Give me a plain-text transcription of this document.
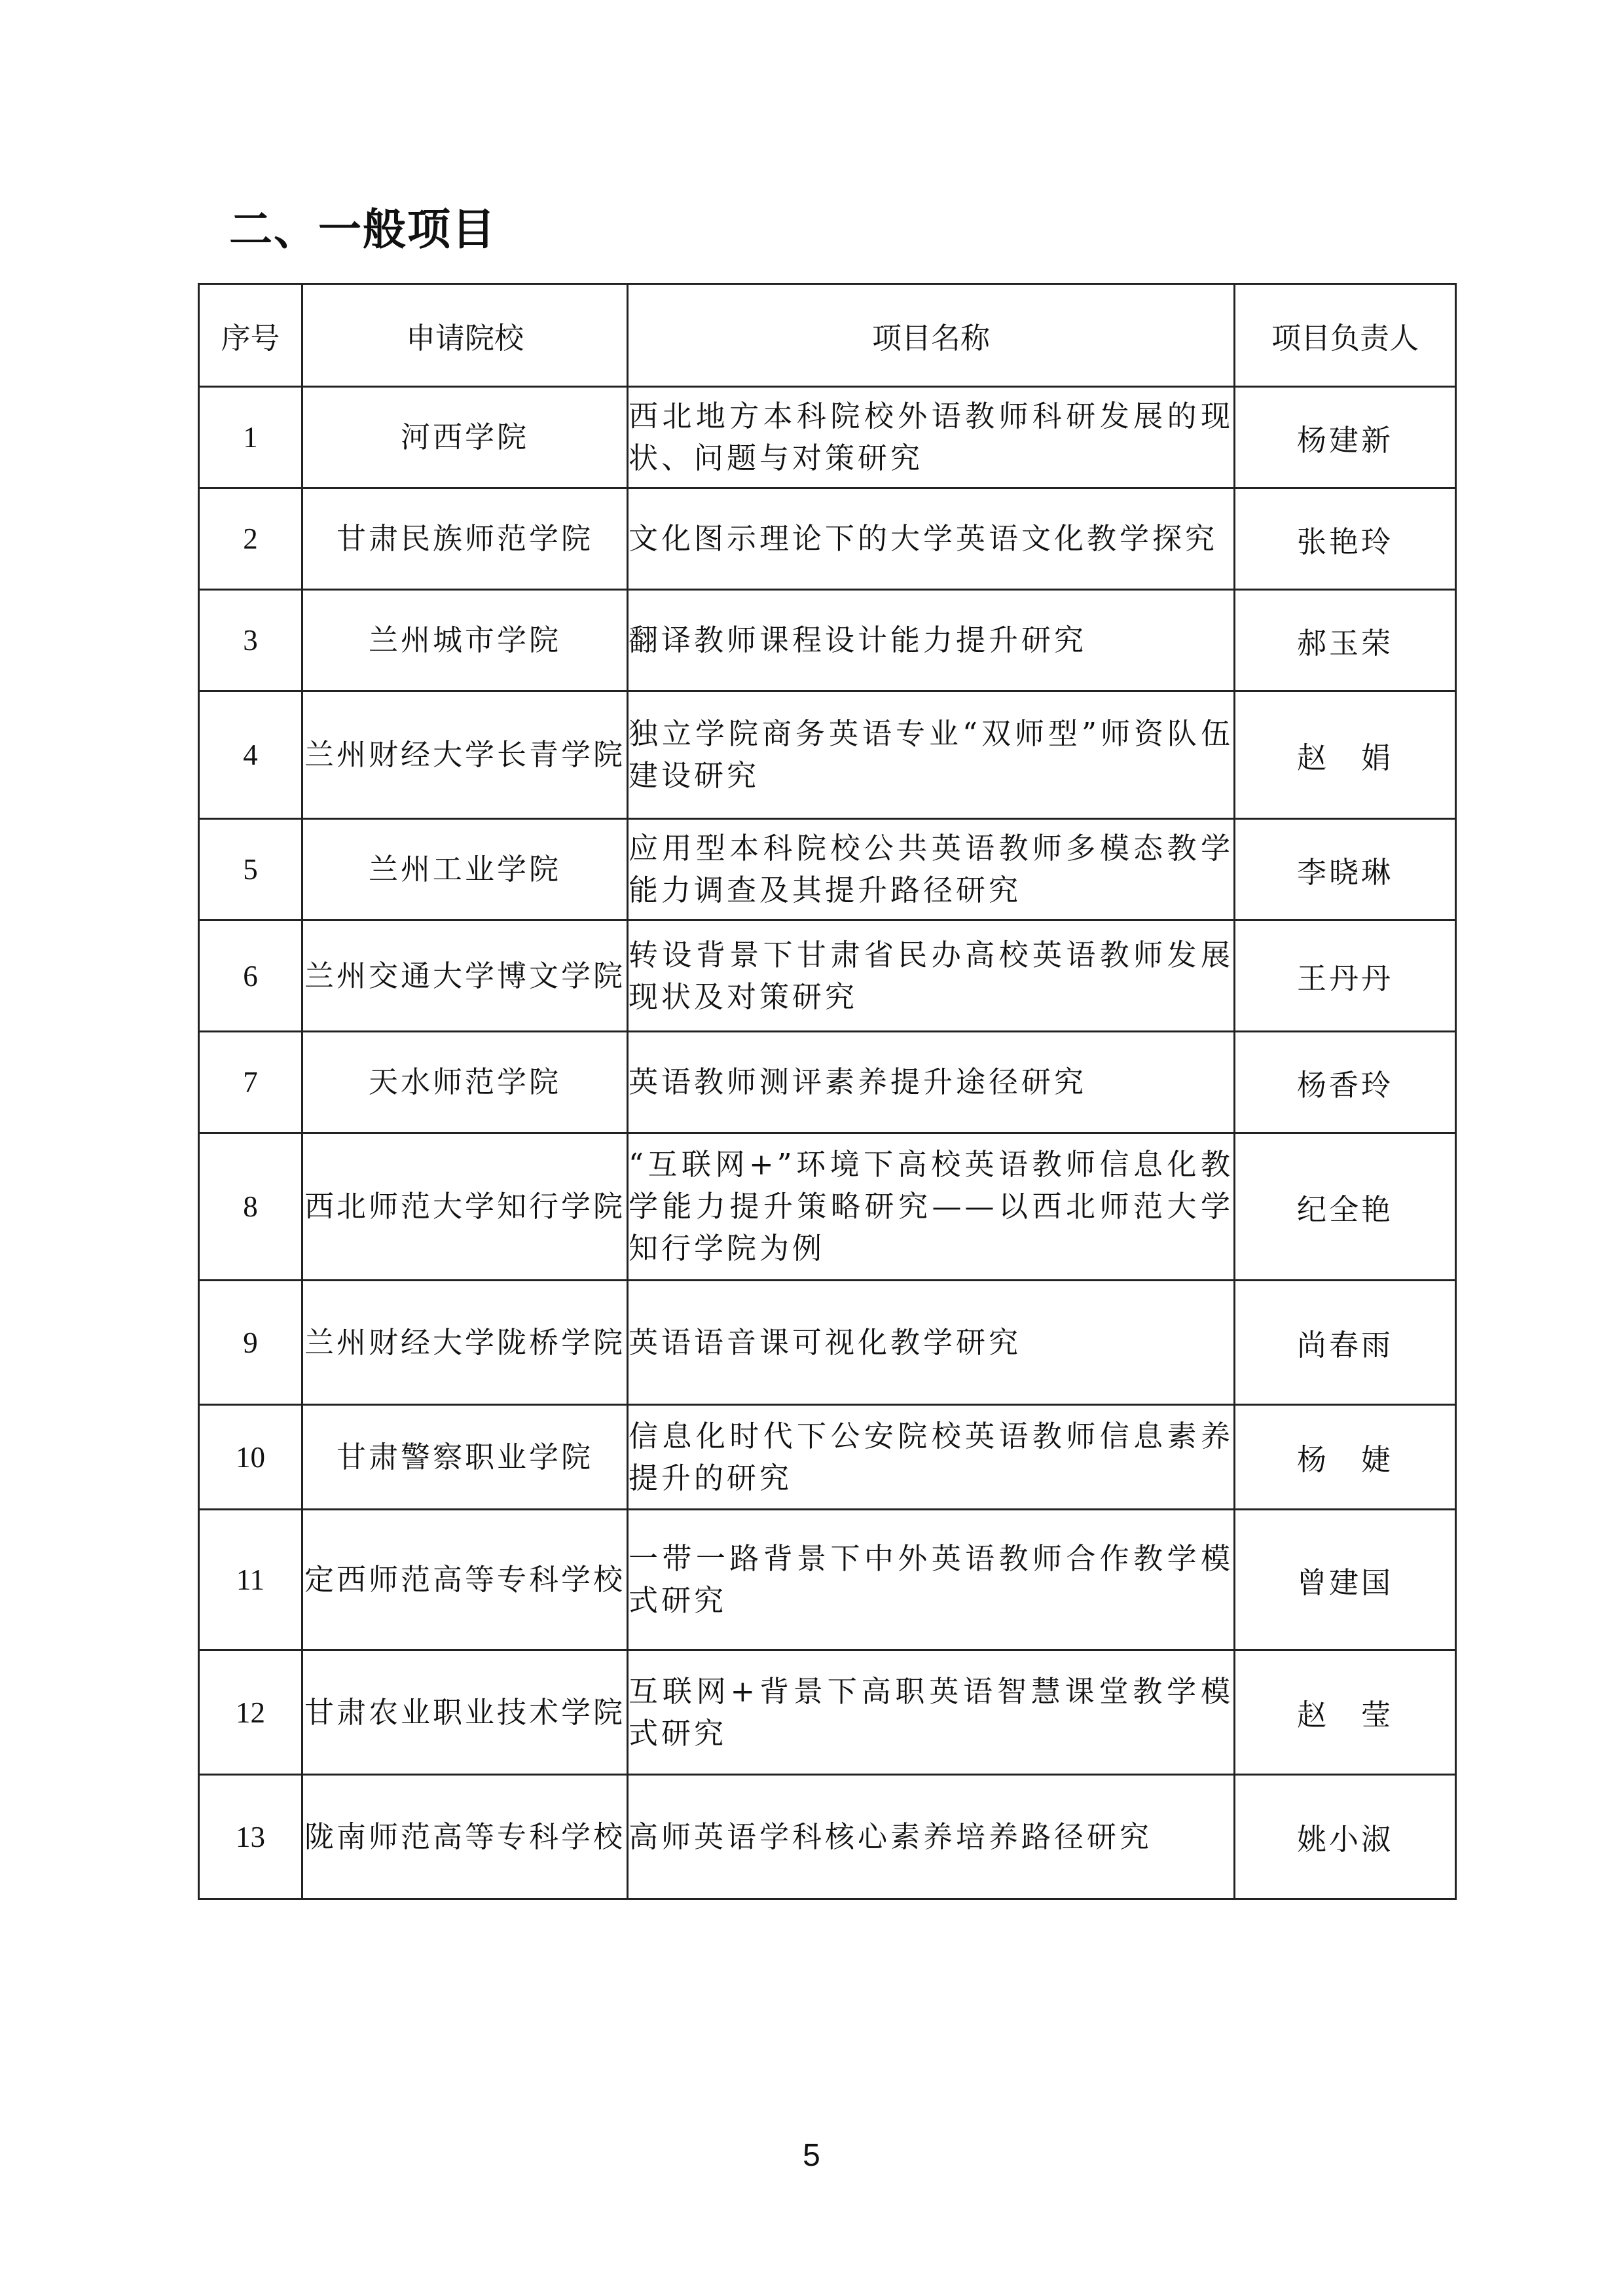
二、一般项目
序号	申请院校	项目名称	项目负责人
1	河西学院	西北地方本科院校外语教师科研发展的现状、问题与对策研究	杨建新
2	甘肃民族师范学院	文化图示理论下的大学英语文化教学探究	张艳玲
3	兰州城市学院	翻译教师课程设计能力提升研究	郝玉荣
4	兰州财经大学长青学院	独立学院商务英语专业“双师型”师资队伍建设研究	赵　娟
5	兰州工业学院	应用型本科院校公共英语教师多模态教学能力调查及其提升路径研究	李晓琳
6	兰州交通大学博文学院	转设背景下甘肃省民办高校英语教师发展现状及对策研究	王丹丹
7	天水师范学院	英语教师测评素养提升途径研究	杨香玲
8	西北师范大学知行学院	“互联网+”环境下高校英语教师信息化教学能力提升策略研究——以西北师范大学知行学院为例	纪全艳
9	兰州财经大学陇桥学院	英语语音课可视化教学研究	尚春雨
10	甘肃警察职业学院	信息化时代下公安院校英语教师信息素养提升的研究	杨　婕
11	定西师范高等专科学校	一带一路背景下中外英语教师合作教学模式研究	曾建国
12	甘肃农业职业技术学院	互联网+背景下高职英语智慧课堂教学模式研究	赵　莹
13	陇南师范高等专科学校	高师英语学科核心素养培养路径研究	姚小淑
5
